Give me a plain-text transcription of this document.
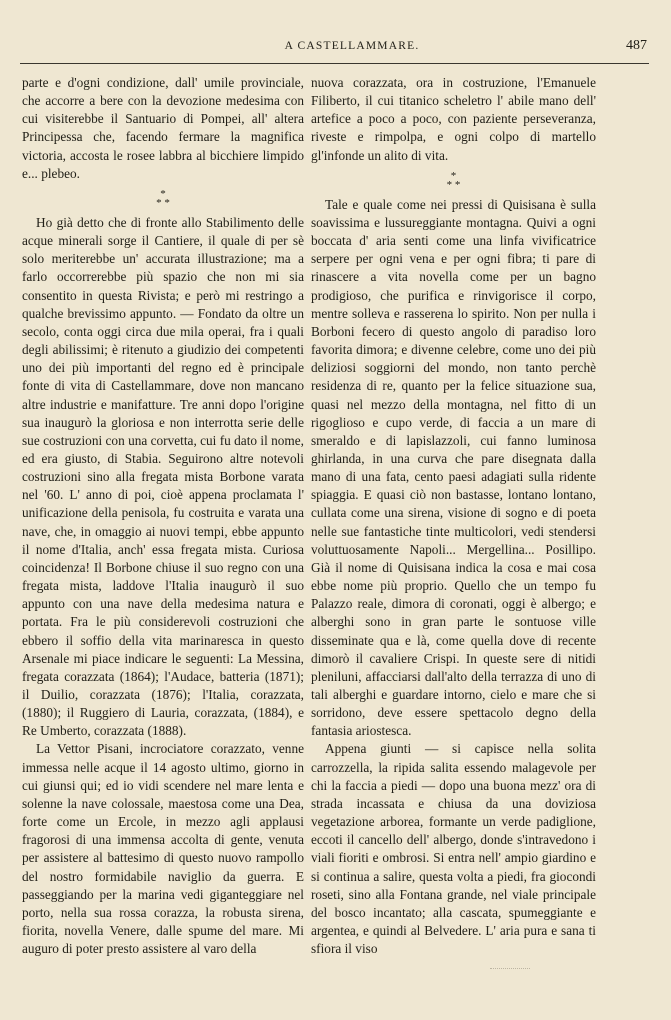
A CASTELLAMMARE.	487

parte e d'ogni condizione, dall' umile provinciale, che accorre a bere con la devozione medesima con cui visiterebbe il Santuario di Pompei, all' altera Principessa che, facendo fermare la magnifica victoria, accosta le rosee labbra al bicchiere limpido e... plebeo.

*
* *

Ho già detto che di fronte allo Stabilimento delle acque minerali sorge il Cantiere, il quale di per sè solo meriterebbe un' accurata illustrazione; ma a farlo occorrerebbe più spazio che non mi sia consentito in questa Rivista; e però mi restringo a qualche brevissimo appunto. — Fondato da oltre un secolo, conta oggi circa due mila operai, fra i quali degli abilissimi; è ritenuto a giudizio dei competenti uno dei più importanti del regno ed è principale fonte di vita di Castellammare, dove non mancano altre industrie e manifatture. Tre anni dopo l'origine sua inaugurò la gloriosa e non interrotta serie delle sue costruzioni con una corvetta, cui fu dato il nome, ed era giusto, di Stabia. Seguirono altre notevoli costruzioni sino alla fregata mista Borbone varata nel '60. L' anno di poi, cioè appena proclamata l' unificazione della penisola, fu costruita e varata una nave, che, in omaggio ai nuovi tempi, ebbe appunto il nome d'Italia, anch' essa fregata mista. Curiosa coincidenza! Il Borbone chiuse il suo regno con una fregata mista, laddove l'Italia inaugurò il suo appunto con una nave della medesima natura e portata. Fra le più considerevoli costruzioni che ebbero il soffio della vita marinaresca in questo Arsenale mi piace indicare le seguenti: La Messina, fregata corazzata (1864); l'Audace, batteria (1871); il Duilio, corazzata (1876); l'Italia, corazzata, (1880); il Ruggiero di Lauria, corazzata, (1884), e Re Umberto, corazzata (1888).

La Vettor Pisani, incrociatore corazzato, venne immessa nelle acque il 14 agosto ultimo, giorno in cui giunsi qui; ed io vidi scendere nel mare lenta e solenne la nave colossale, maestosa come una Dea, forte come un Ercole, in mezzo agli applausi fragorosi di una immensa accolta di gente, venuta per assistere al battesimo di questo nuovo rampollo del nostro formidabile naviglio da guerra. E passeggiando per la marina vedi giganteggiare nel porto, nella sua rossa corazza, la robusta sirena, fiorita, novella Venere, dalle spume del mare. Mi auguro di poter presto assistere al varo della

nuova corazzata, ora in costruzione, l'Emanuele Filiberto, il cui titanico scheletro l' abile mano dell' artefice a poco a poco, con paziente perseveranza, riveste e rimpolpa, e ogni colpo di martello gl'infonde un alito di vita.

*
* *

Tale e quale come nei pressi di Quisisana è sulla soavissima e lussureggiante montagna. Quivi a ogni boccata d' aria senti come una linfa vivificatrice serpere per ogni vena e per ogni fibra; ti pare di rinascere a vita novella come per un bagno prodigioso, che purifica e rinvigorisce il corpo, mentre solleva e rasserena lo spirito. Non per nulla i Borboni fecero di questo angolo di paradiso loro favorita dimora; e divenne celebre, come uno dei più deliziosi soggiorni del mondo, non tanto perchè residenza di re, quanto per la felice situazione sua, quasi nel mezzo della montagna, nel fitto di un rigoglioso e cupo verde, di faccia a un mare di smeraldo e di lapislazzoli, cui fanno luminosa ghirlanda, in una curva che pare disegnata dalla mano di una fata, cento paesi adagiati sulla ridente spiaggia. E quasi ciò non bastasse, lontano lontano, cullata come una sirena, visione di sogno e di poeta nelle sue fantastiche tinte multicolori, vedi stendersi voluttuosamente Napoli... Mergellina... Posillipo. Già il nome di Quisisana indica la cosa e mai cosa ebbe nome più proprio. Quello che un tempo fu Palazzo reale, dimora di coronati, oggi è albergo; e alberghi sono in gran parte le sontuose ville disseminate qua e là, come quella dove di recente dimorò il cavaliere Crispi. In queste sere di nitidi pleniluni, affacciarsi dall'alto della terrazza di uno di tali alberghi e guardare intorno, cielo e mare che si sorridono, deve essere spettacolo degno della fantasia ariostesca.

Appena giunti — si capisce nella solita carrozzella, la ripida salita essendo malagevole per chi la faccia a piedi — dopo una buona mezz' ora di strada incassata e chiusa da una doviziosa vegetazione arborea, formante un verde padiglione, eccoti il cancello dell' albergo, donde s'intravedono i viali fioriti e ombrosi. Si entra nell' ampio giardino e si continua a salire, questa volta a piedi, fra giocondi roseti, sino alla Fontana grande, nel viale principale del bosco incantato; alla cascata, spumeggiante e argentea, e quindi al Belvedere. L' aria pura e sana ti sfiora il viso
